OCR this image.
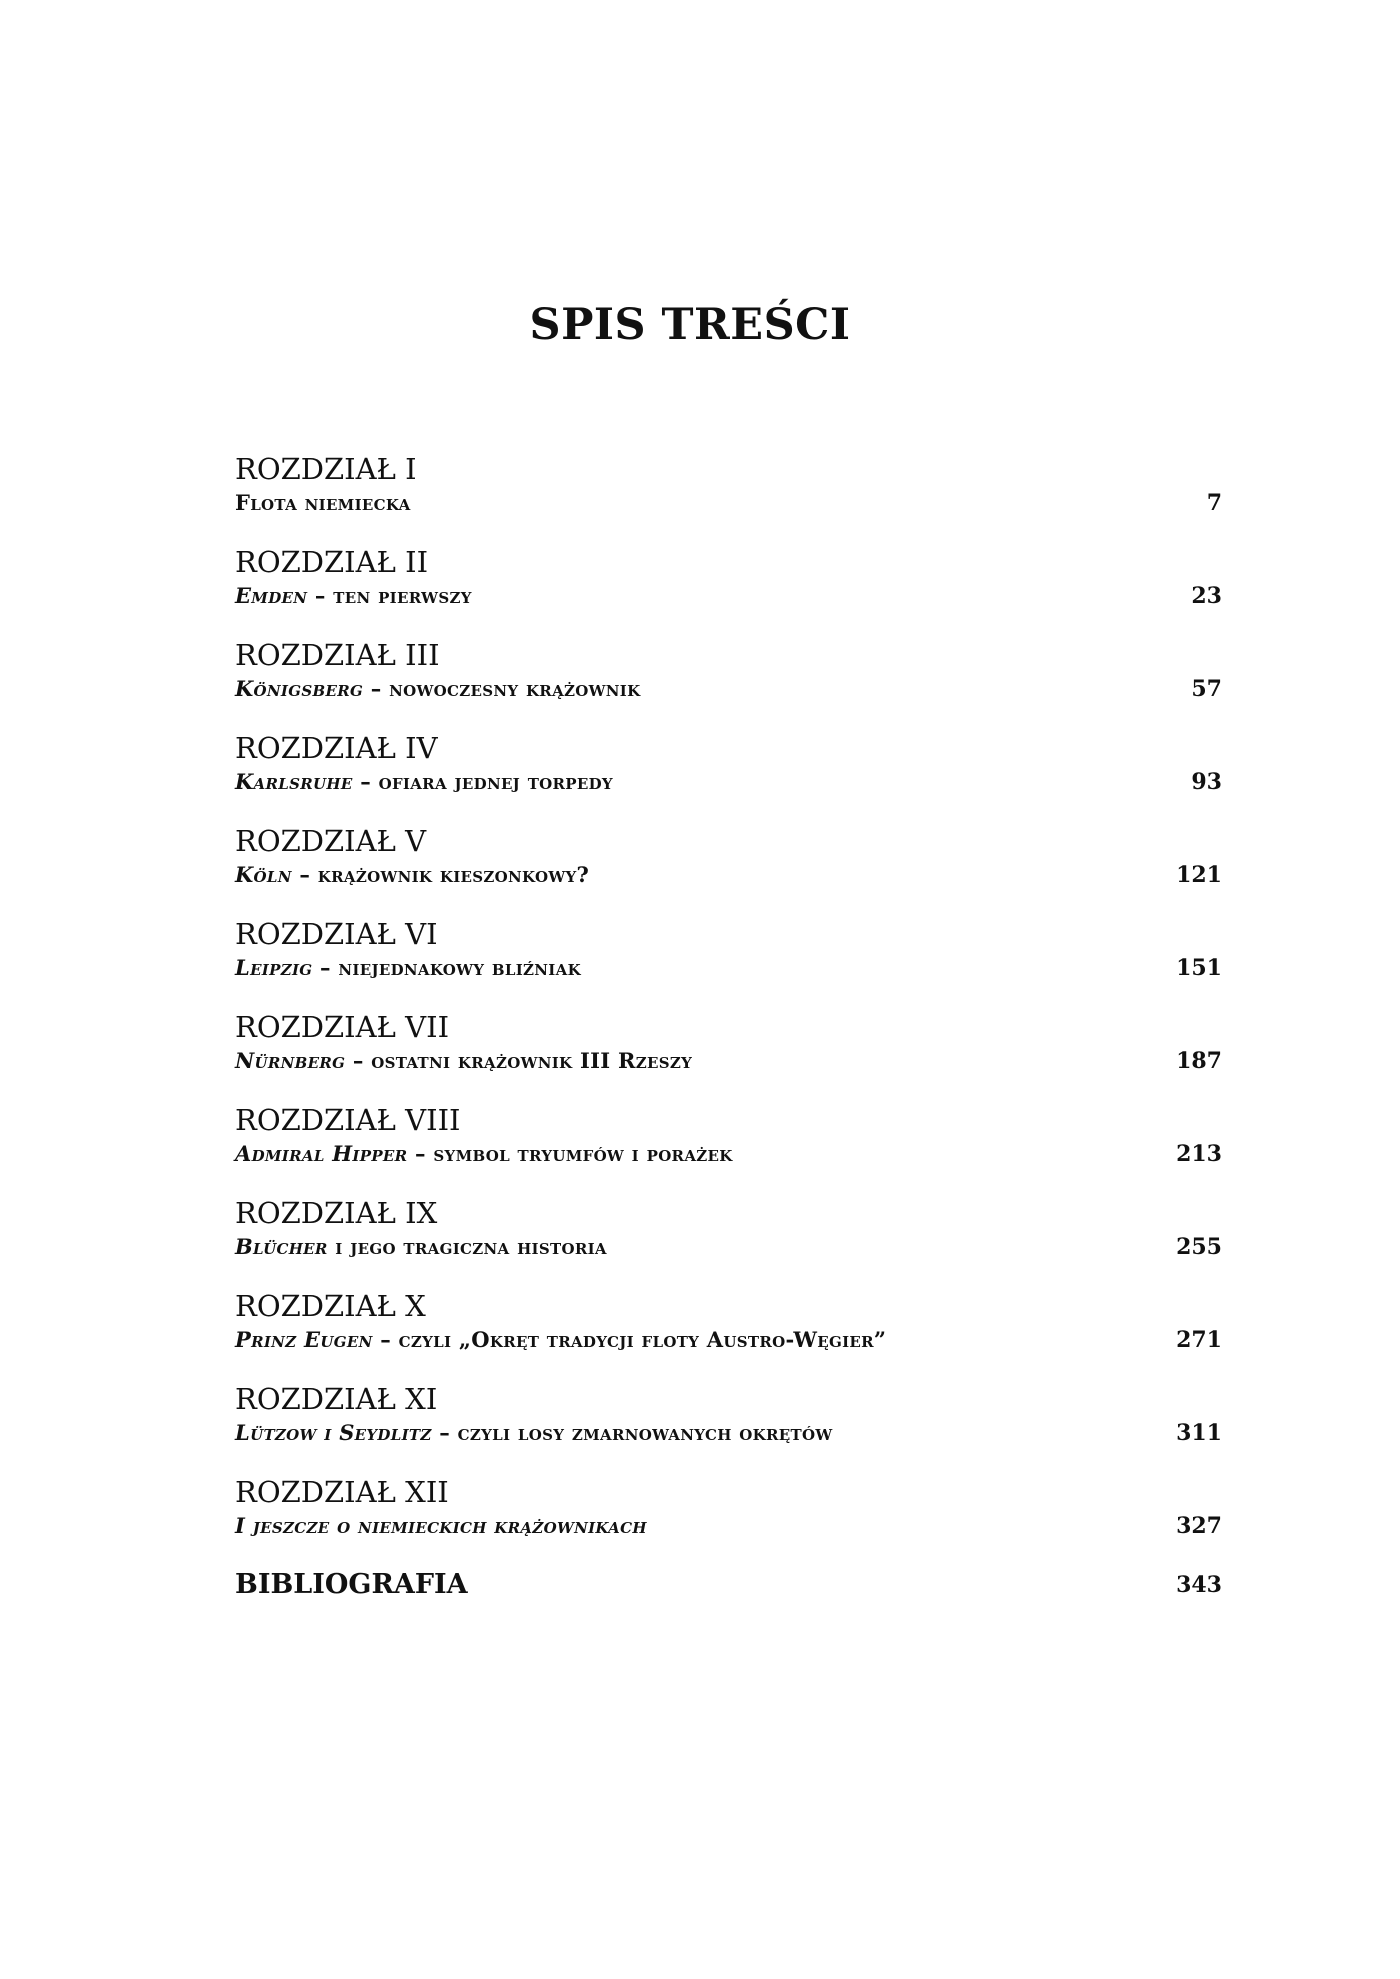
SPIS TREŚCI
ROZDZIAŁ I
Flota niemiecka	7
ROZDZIAŁ II
Emden – ten pierwszy	23
ROZDZIAŁ III
Königsberg – nowoczesny krążownik	57
ROZDZIAŁ IV
Karlsruhe – ofiara jednej torpedy	93
ROZDZIAŁ V
Köln – krążownik kieszonkowy?	121
ROZDZIAŁ VI
Leipzig – niejednakowy bliźniak	151
ROZDZIAŁ VII
Nürnberg – ostatni krążownik III Rzeszy	187
ROZDZIAŁ VIII
Admiral Hipper – symbol tryumfów i porażek	213
ROZDZIAŁ IX
Blücher i jego tragiczna historia	255
ROZDZIAŁ X
Prinz Eugen – czyli „Okręt tradycji floty Austro-Węgier”	271
ROZDZIAŁ XI
Lützow i Seydlitz – czyli losy zmarnowanych okrętów	311
ROZDZIAŁ XII
I jeszcze o niemieckich krążownikach	327
BIBLIOGRAFIA	343
